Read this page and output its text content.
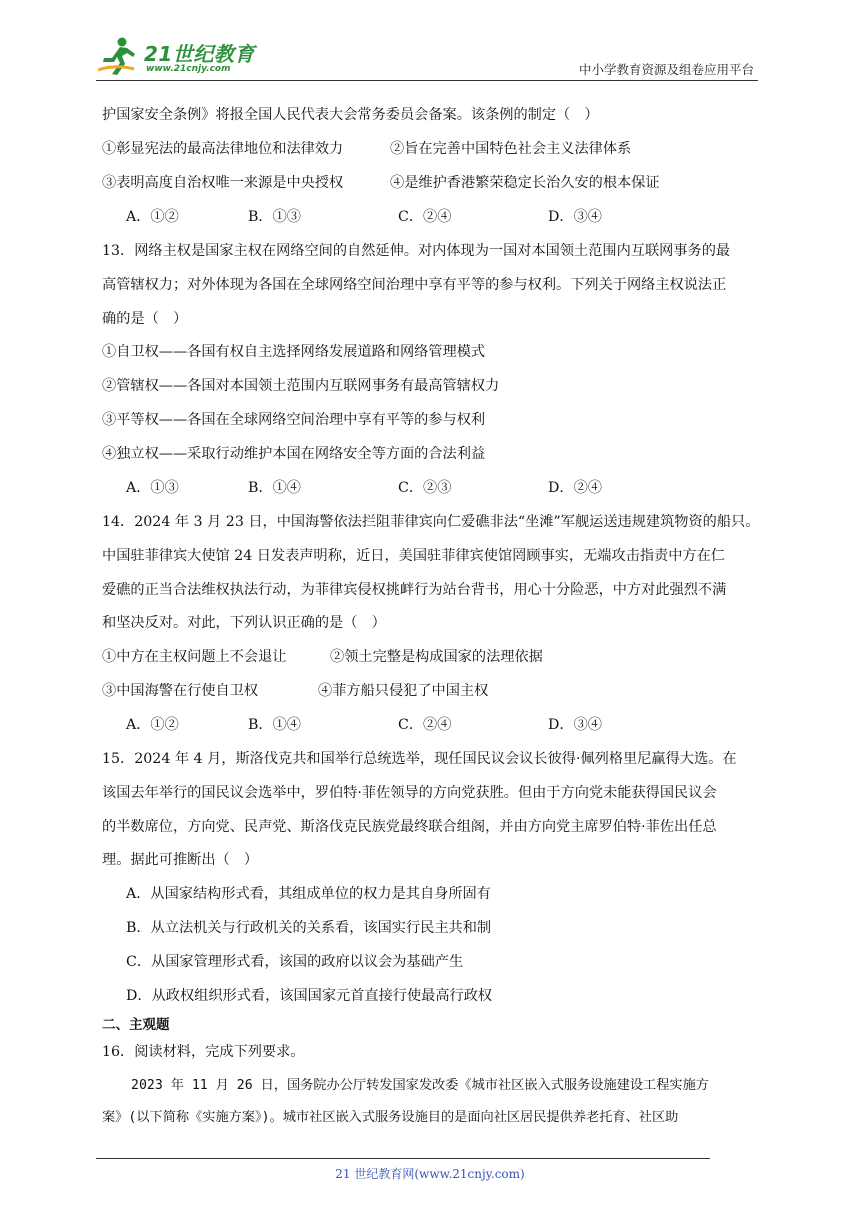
21世纪教育
www.21cnjy.com	中小学教育资源及组卷应用平台
护国家安全条例》将报全国人民代表大会常务委员会备案。该条例的制定（　）
①彰显宪法的最高法律地位和法律效力	②旨在完善中国特色社会主义法律体系
③表明高度自治权唯一来源是中央授权	④是维护香港繁荣稳定长治久安的根本保证
A．①②	B．①③	C．②④	D．③④
13．网络主权是国家主权在网络空间的自然延伸。对内体现为一国对本国领土范围内互联网事务的最
高管辖权力；对外体现为各国在全球网络空间治理中享有平等的参与权利。下列关于网络主权说法正
确的是（　）
①自卫权——各国有权自主选择网络发展道路和网络管理模式
②管辖权——各国对本国领土范围内互联网事务有最高管辖权力
③平等权——各国在全球网络空间治理中享有平等的参与权利
④独立权——采取行动维护本国在网络安全等方面的合法利益
A．①③	B．①④	C．②③	D．②④
14．2024 年 3 月 23 日，中国海警依法拦阻菲律宾向仁爱礁非法“坐滩”军舰运送违规建筑物资的船只。
中国驻菲律宾大使馆 24 日发表声明称，近日，美国驻菲律宾使馆罔顾事实，无端攻击指责中方在仁
爱礁的正当合法维权执法行动，为菲律宾侵权挑衅行为站台背书，用心十分险恶，中方对此强烈不满
和坚决反对。对此，下列认识正确的是（　）
①中方在主权问题上不会退让	②领土完整是构成国家的法理依据
③中国海警在行使自卫权	④菲方船只侵犯了中国主权
A．①②	B．①④	C．②④	D．③④
15．2024 年 4 月，斯洛伐克共和国举行总统选举，现任国民议会议长彼得·佩列格里尼赢得大选。在
该国去年举行的国民议会选举中，罗伯特·菲佐领导的方向党获胜。但由于方向党未能获得国民议会
的半数席位，方向党、民声党、斯洛伐克民族党最终联合组阁，并由方向党主席罗伯特·菲佐出任总
理。据此可推断出（　）
A．从国家结构形式看，其组成单位的权力是其自身所固有
B．从立法机关与行政机关的关系看，该国实行民主共和制
C．从国家管理形式看，该国的政府以议会为基础产生
D．从政权组织形式看，该国国家元首直接行使最高行政权
二、主观题
16．阅读材料，完成下列要求。
2023 年 11 月 26 日，国务院办公厅转发国家发改委《城市社区嵌入式服务设施建设工程实施方
案》(以下简称《实施方案》)。城市社区嵌入式服务设施目的是面向社区居民提供养老托育、社区助
21 世纪教育网(www.21cnjy.com)
